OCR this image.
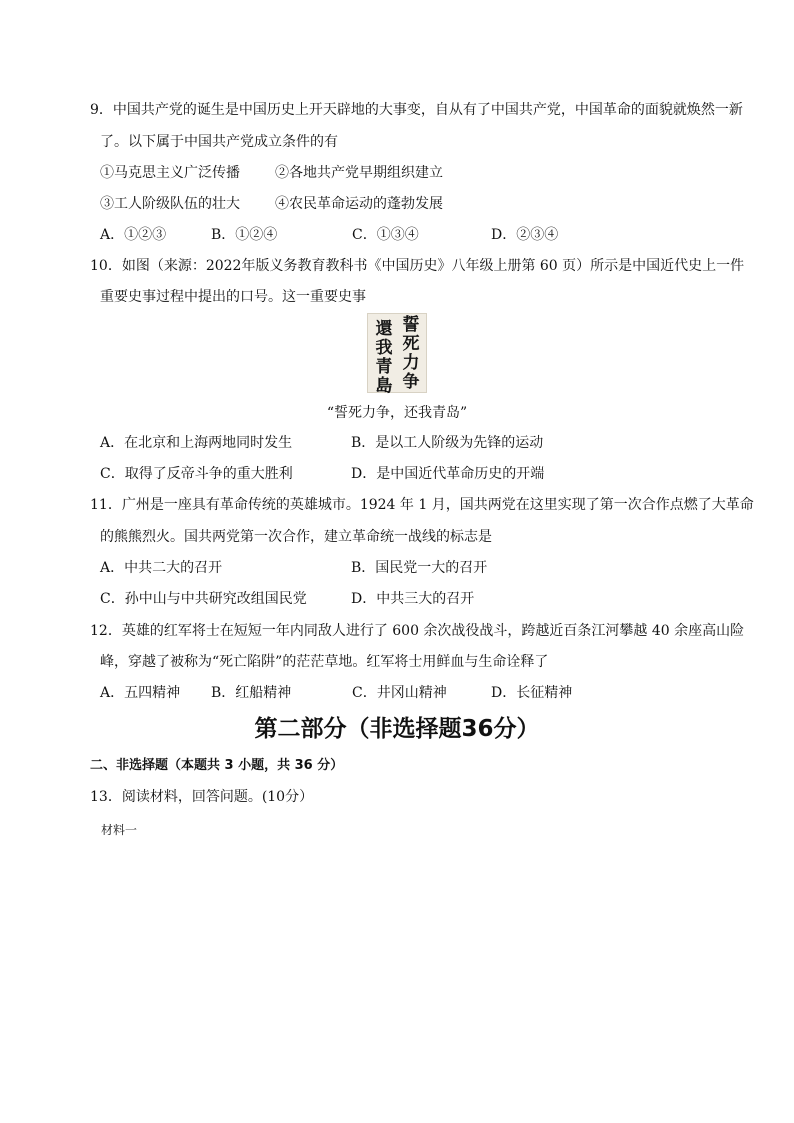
9．中国共产党的诞生是中国历史上开天辟地的大事变，自从有了中国共产党，中国革命的面貌就焕然一新
了。以下属于中国共产党成立条件的有
①马克思主义广泛传播	②各地共产党早期组织建立
③工人阶级队伍的壮大	④农民革命运动的蓬勃发展
A．①②③	B．①②④	C．①③④	D．②③④
10．如图（来源：2022年版义务教育教科书《中国历史》八年级上册第 60 页）所示是中国近代史上一件
重要史事过程中提出的口号。这一重要史事
誓
死
力
争
還
我
青
島
“誓死力争，还我青岛”
A．在北京和上海两地同时发生	B．是以工人阶级为先锋的运动
C．取得了反帝斗争的重大胜利	D．是中国近代革命历史的开端
11．广州是一座具有革命传统的英雄城市。1924 年 1 月，国共两党在这里实现了第一次合作点燃了大革命
的熊熊烈火。国共两党第一次合作，建立革命统一战线的标志是
A．中共二大的召开	B．国民党一大的召开
C．孙中山与中共研究改组国民党	D．中共三大的召开
12．英雄的红军将士在短短一年内同敌人进行了 600 余次战役战斗，跨越近百条江河攀越 40 余座高山险
峰，穿越了被称为“死亡陷阱”的茫茫草地。红军将士用鲜血与生命诠释了
A．五四精神 B．红船精神	C．井冈山精神	D．长征精神
第二部分（非选择题36分）
二、非选择题（本题共 3 小题，共 36 分）
13．阅读材料，回答问题。(10分）
材料一
